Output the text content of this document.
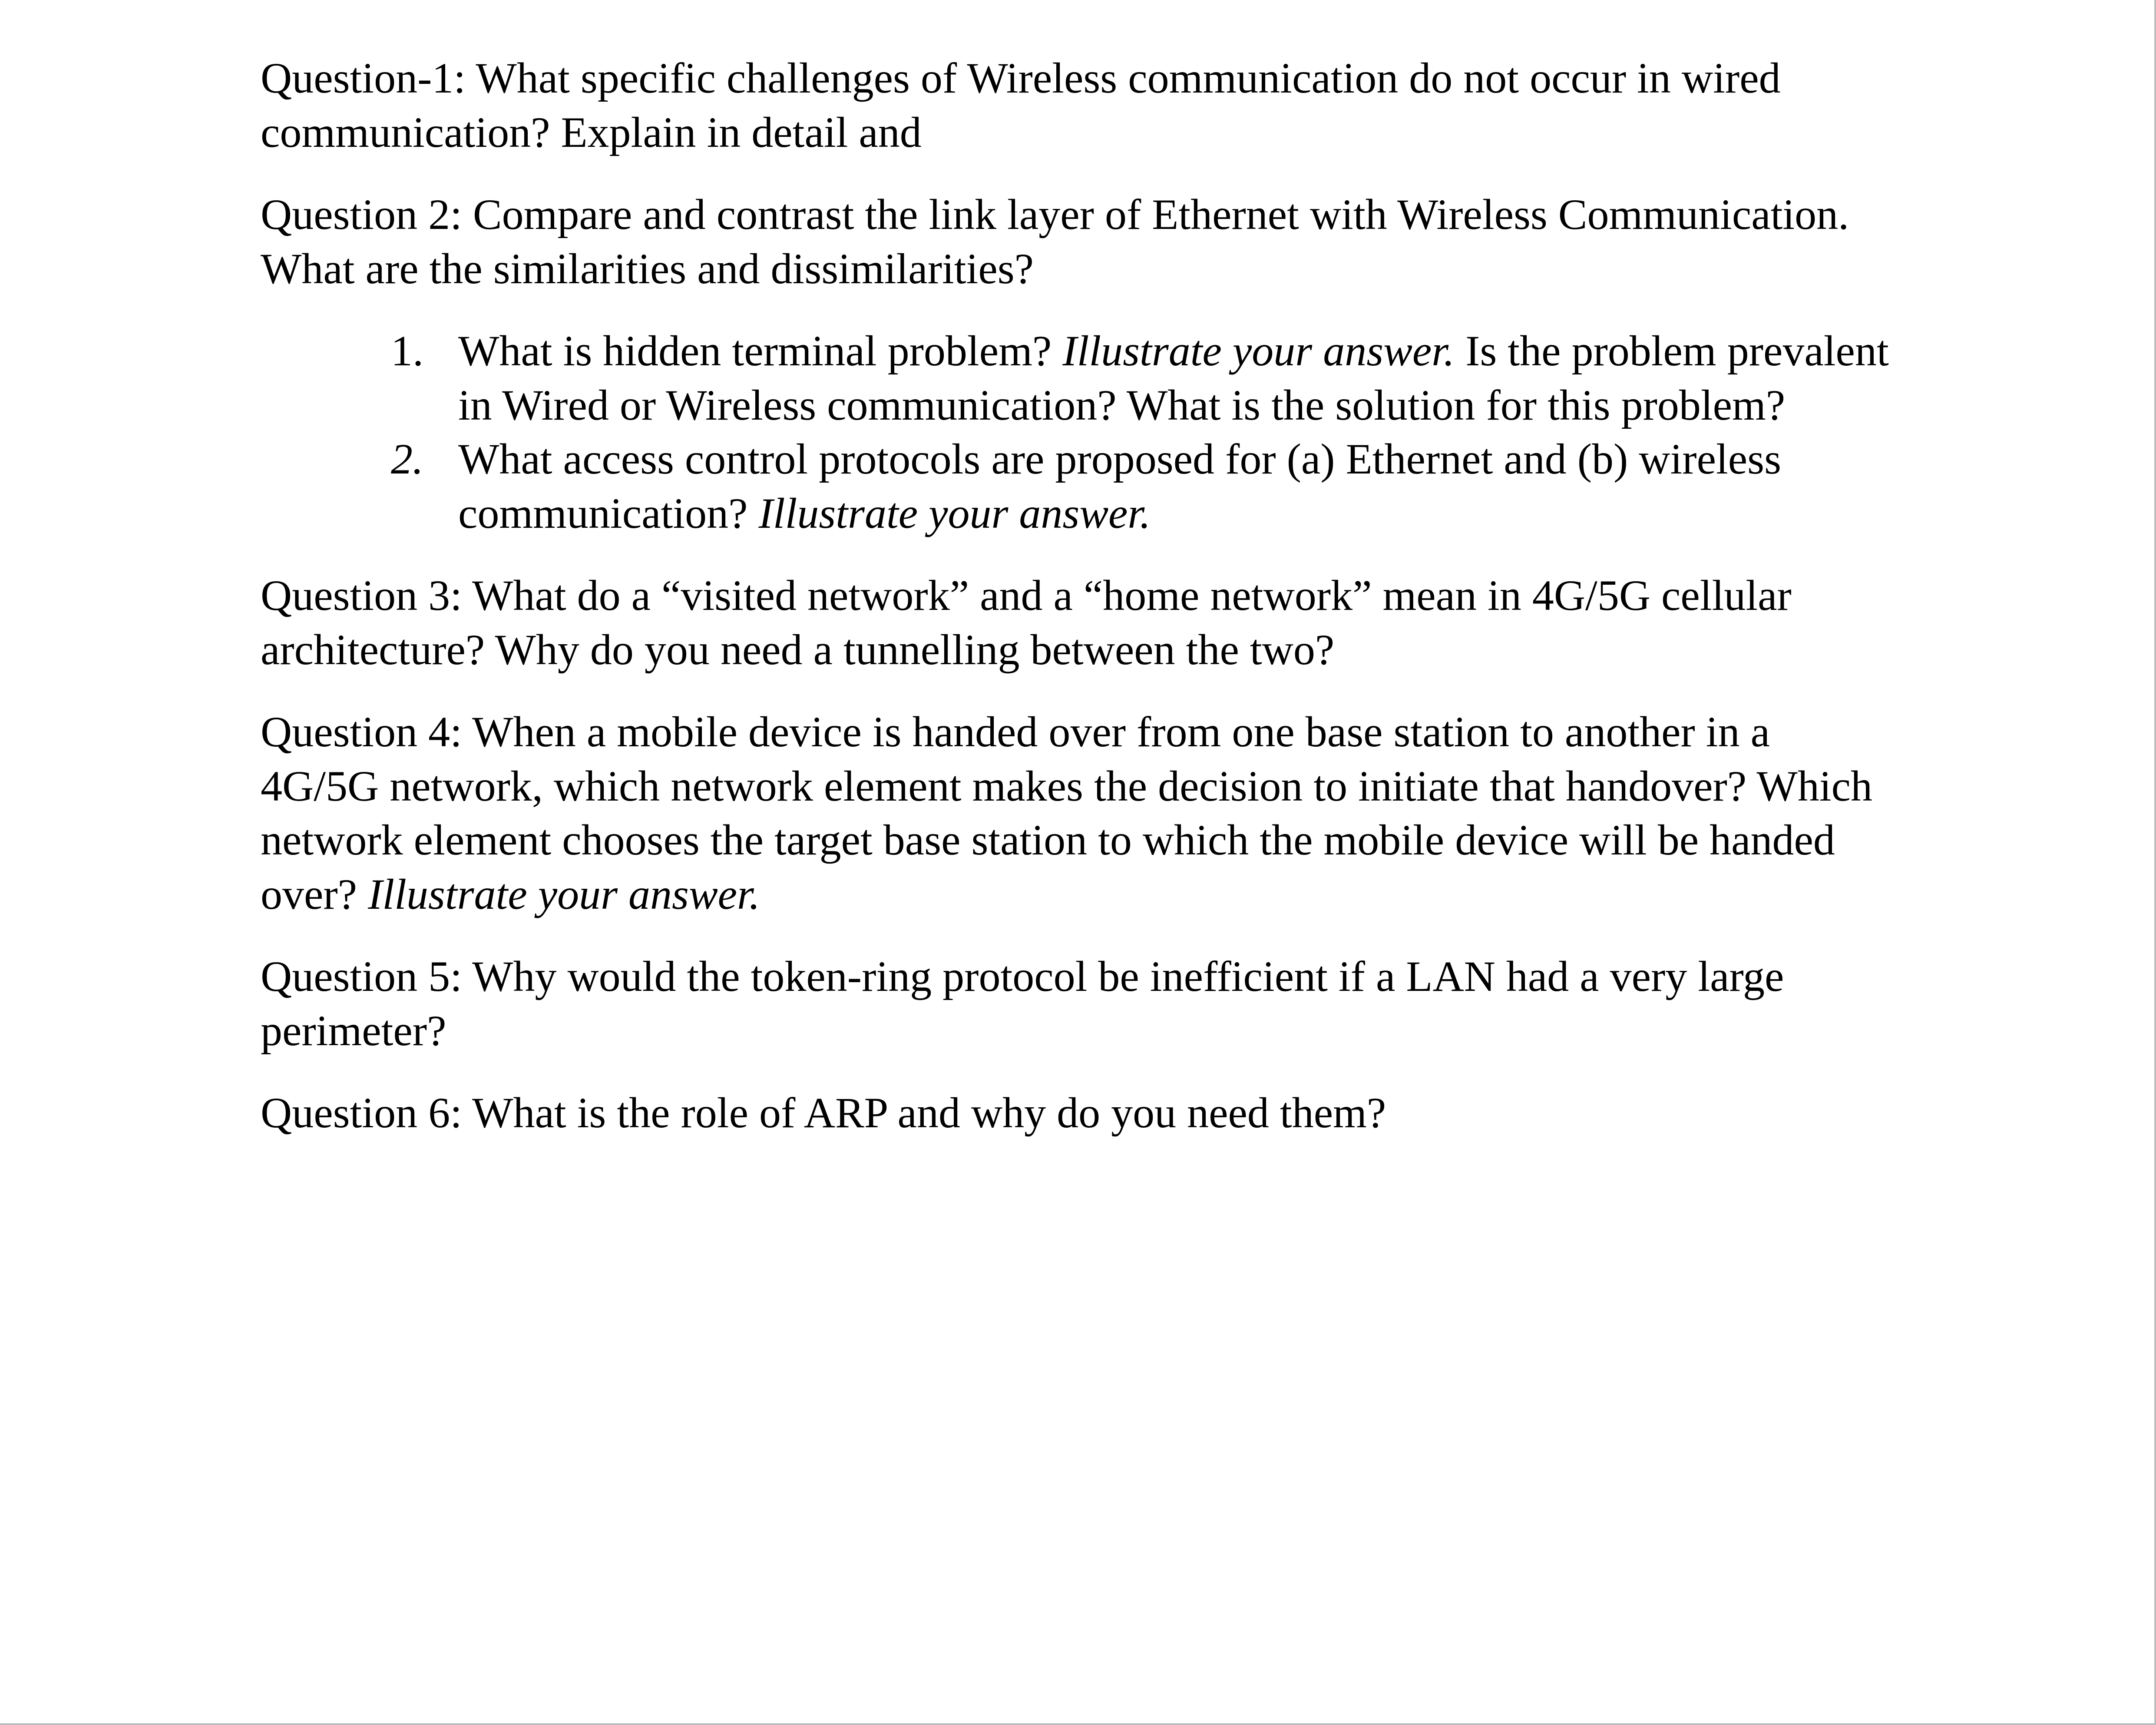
Question-1: What specific challenges of Wireless communication do not occur in wired
communication? Explain in detail and

Question 2: Compare and contrast the link layer of Ethernet with Wireless Communication.
What are the similarities and dissimilarities?

1. What is hidden terminal problem? Illustrate your answer. Is the problem prevalent
in Wired or Wireless communication? What is the solution for this problem?
2. What access control protocols are proposed for (a) Ethernet and (b) wireless
communication? Illustrate your answer.

Question 3: What do a “visited network” and a “home network” mean in 4G/5G cellular
architecture? Why do you need a tunnelling between the two?

Question 4: When a mobile device is handed over from one base station to another in a
4G/5G network, which network element makes the decision to initiate that handover? Which
network element chooses the target base station to which the mobile device will be handed
over? Illustrate your answer.

Question 5: Why would the token-ring protocol be inefficient if a LAN had a very large
perimeter?

Question 6: What is the role of ARP and why do you need them?
